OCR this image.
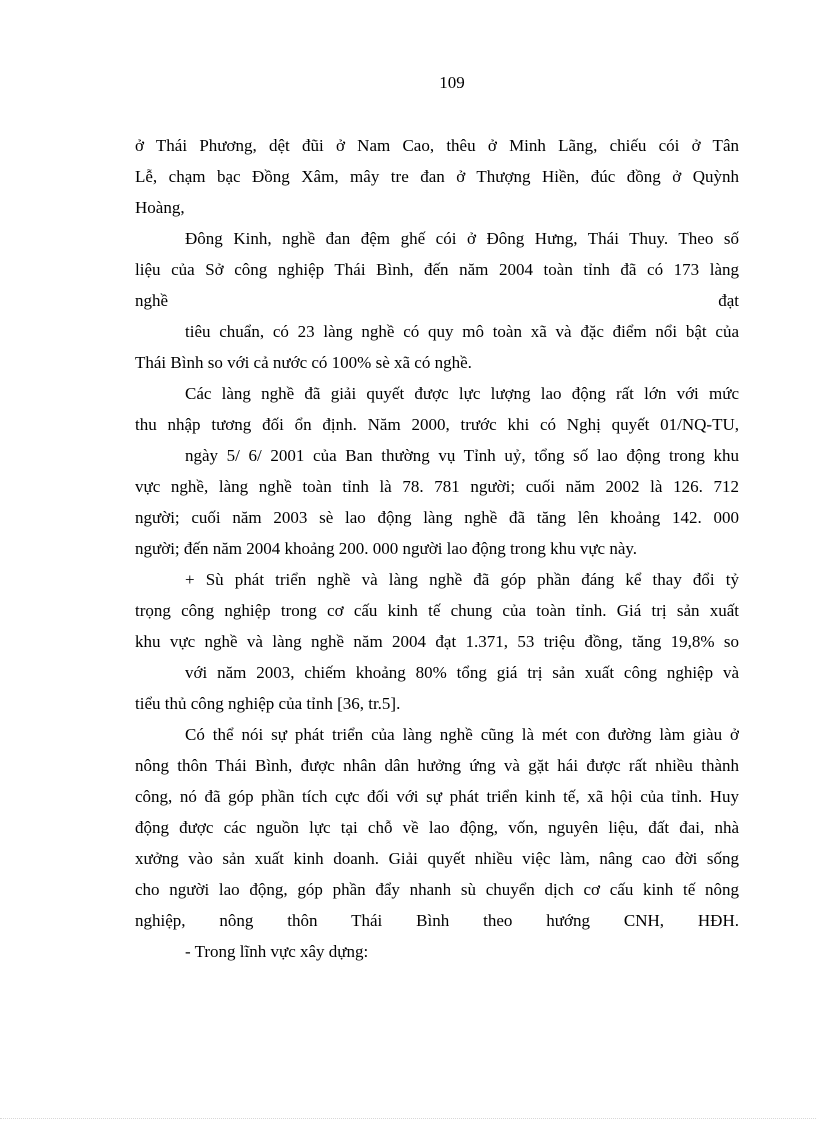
109
ở Thái Phương, dệt đũi ở Nam Cao, thêu ở Minh Lãng, chiếu cói ở Tân
Lễ, chạm bạc Đồng Xâm, mây tre đan ở Thượng Hiền, đúc đồng ở Quỳnh
Hoàng,
Đông Kinh, nghề đan đệm ghế cói ở Đông Hưng, Thái Thuy. Theo số
liệu của Sở công nghiệp Thái Bình, đến năm 2004 toàn tỉnh đã có 173 làng
nghề	đạt
tiêu chuẩn, có 23 làng nghề có quy mô toàn xã và đặc điểm nổi bật của
Thái Bình so với cả nước có 100% sè xã có nghề.
Các làng nghề đã giải quyết được lực lượng lao động rất lớn với mức
thu nhập tương đối ổn định. Năm 2000, trước khi có Nghị quyết 01/NQ-TU,
ngày 5/ 6/ 2001 của Ban thường vụ Tỉnh uỷ, tổng số lao động trong khu
vực nghề, làng nghề toàn tỉnh là 78. 781 người; cuối năm 2002 là 126. 712
người; cuối năm 2003 sè lao động làng nghề đã tăng lên khoảng 142. 000
người; đến năm 2004 khoảng 200. 000 người lao động trong khu vực này.
+ Sù phát triển nghề và làng nghề đã góp phần đáng kể thay đổi tỷ
trọng công nghiệp trong cơ cấu kinh tế chung của toàn tỉnh. Giá trị sản xuất
khu vực nghề và làng nghề năm 2004 đạt 1.371, 53 triệu đồng, tăng 19,8% so
với năm 2003, chiếm khoảng 80% tổng giá trị sản xuất công nghiệp và
tiểu thủ công nghiệp của tỉnh [36, tr.5].
Có thể nói sự phát triển của làng nghề cũng là mét con đường làm giàu ở
nông thôn Thái Bình, được nhân dân hưởng ứng và gặt hái được rất nhiều thành
công, nó đã góp phần tích cực đối với sự phát triển kinh tế, xã hội của tỉnh. Huy
động được các nguồn lực tại chỗ về lao động, vốn, nguyên liệu, đất đai, nhà
xưởng vào sản xuất kinh doanh. Giải quyết nhiều việc làm, nâng cao đời sống
cho người lao động, góp phần đẩy nhanh sù chuyển dịch cơ cấu kinh tế nông
nghiệp, nông thôn Thái Bình theo hướng CNH, HĐH.
- Trong lĩnh vực xây dựng:
